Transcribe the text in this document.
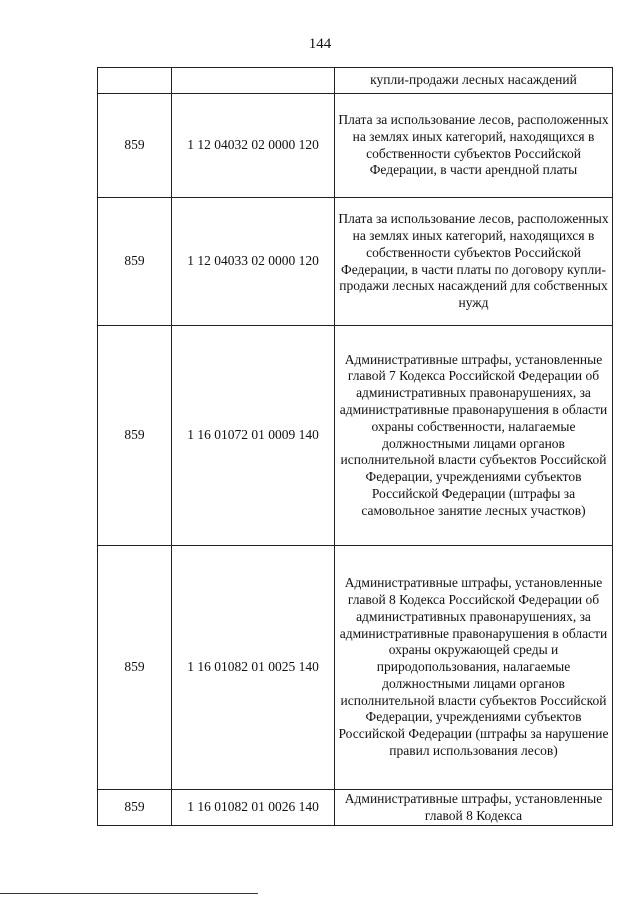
144
		купли-продажи лесных насаждений
859	1 12 04032 02 0000 120	Плата за использование лесов, расположенных на землях иных категорий, находящихся в собственности субъектов Российской Федерации, в части арендной платы
859	1 12 04033 02 0000 120	Плата за использование лесов, расположенных на землях иных категорий, находящихся в собственности субъектов Российской Федерации, в части платы по договору купли-продажи лесных насаждений для собственных нужд
859	1 16 01072 01 0009 140	Административные штрафы, установленные главой 7 Кодекса Российской Федерации об административных правонарушениях, за административные правонарушения в области охраны собственности, налагаемые должностными лицами органов исполнительной власти субъектов Российской Федерации, учреждениями субъектов Российской Федерации (штрафы за самовольное занятие лесных участков)
859	1 16 01082 01 0025 140	Административные штрафы, установленные главой 8 Кодекса Российской Федерации об административных правонарушениях, за административные правонарушения в области охраны окружающей среды и природопользования, налагаемые должностными лицами органов исполнительной власти субъектов Российской Федерации, учреждениями субъектов Российской Федерации (штрафы за нарушение правил использования лесов)
859	1 16 01082 01 0026 140	Административные штрафы, установленные главой 8 Кодекса
